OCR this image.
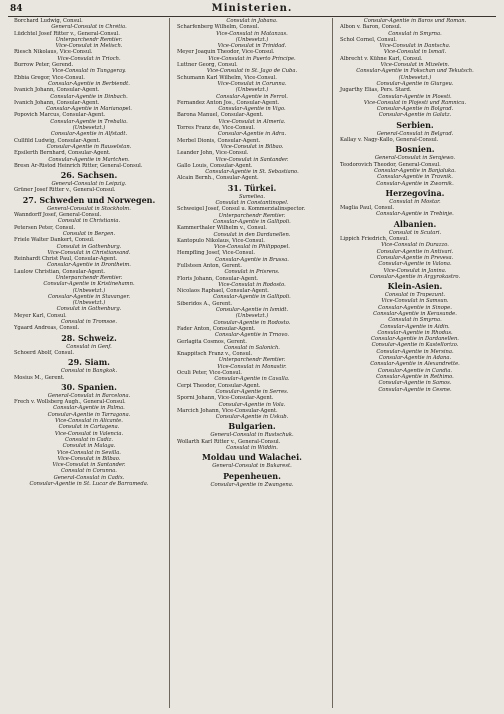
84	Ministerien.
Borchard Ludwig, Consul.
General-Consulat in Chrétia.
Lüdchtel Josef Ritter v., General-Consul.
Unterparchendr Remtier.
Vice-Consulat in Melisch.
Riesch Nikolaus, Vice-Consul.
Vice-Consulat in Trioch.
Burrow Peter, Gerend.
Vice-Consulat in Tunggeray.
Ebbia Gregor, Vice-Consul.
Consular-Agentie in Berbiendt.
Ivanich Johann, Consular-Agent.
Consular-Agentie in Dinbach.
Ivanich Johann, Consular-Agent.
Consular-Agentie in Marianopel.
Popovich Marcus, Consular-Agent.
Consular-Agentie in Trebalia.
(Unbesetzt.)
Consular-Agentie in Alfstadt.
Cullfild Ludwig, Consular-Agent.
Consular-Agentie in Rauselstan.
Epsilerth Bernhard, Consular-Agent.
Consular-Agentie in Martchen.
Bresn Ar-Ristod Heinrich Ritter, General-Consul.
26. Sachsen.
General-Consulat in Leipzig.
Grüner Josef Ritter v., General-Consul.
27. Schweden und Norwegen.
General-Consulat in Stockholm.
Wanndorff Josef, General-Consul.
Consulat in Christiania.
Petersen Peter, Consul.
Consulat in Bergen.
Friele Walter Dankert, Consul.
Consulat in Gothenburg.
Vice-Consulat in Christiansand.
Reinhardt Christ Paul, Consular-Agent.
Consular-Agentie in Drontheim.
Laulow Christian, Consular-Agent.
Unterparchendr Remtier.
Consular-Agentie in Kristinehamn.
(Unbesetzt.)
Consular-Agentie in Stavanger.
(Unbesetzt.)
Consulat in Gothenburg.
Meyer Karl, Consul.
Consulat in Tromsoe.
Ygaard Andreas, Consul.
28. Schweiz.
Consulat in Genf.
Schoerd Abolf, Consul.
29. Siam.
Consulat in Bangkok.
Mosius M., Gerent.
30. Spanien.
General-Consulat in Barcelona.
Frech v. Wollsberg Augh., General-Consul.
Consular-Agentie in Palma.
Consular-Agentie in Tarragona.
Vice-Consulat in Alicante.
Consulat in Cartagena.
Vice-Consulat in Valencia.
Consulat in Cadiz.
Consulat in Malaga.
Vice-Consulat in Sevilla.
Vice-Consulat in Bilbao.
Vice-Consulat in Santander.
Consulat in Corunna.
General-Consulat in Cadix.
Consular-Agentie in St. Lucar de Barrameda.
Consulat in Jabana.
Scharfenberg Wilhelm, Consul.
Vice-Consulat in Matanzas.
(Unbesetzt.)
Vice-Consulat in Trinidad.
Meyer Joaquin Theodor, Vice-Consul.
Vice-Consulat in Puerto Principe.
Luttner Georg, Consul.
Vice-Consulat in St. Jago de Cuba.
Schumann Karl Wilhelm, Vice-Consul.
Vice-Consulat in Corunna.
(Unbesetzt.)
Consular-Agentie in Ferrol.
Fernandez Anton Jos., Consular-Agent.
Consular-Agentie in Vigo.
Barona Manuel, Consular-Agent.
Vice-Consulat in Almeria.
Torres Franz de, Vice-Consul.
Consular-Agentie in Adra.
Merbel Dionis, Consular-Agent.
Vice-Consulat in Bilbao.
Leander John, Vice-Consul.
Vice-Consulat in Santander.
Gallo Louis, Consular-Agent.
Consular-Agentie in St. Sebastiano.
Alcain Bernh., Consular-Agent.
31. Türkei.
Sumeliea.
Consulat in Constantinopel.
Schweigel Josef, Consul u. Kommerzialinspector.
Unterparchendr Remtier.
Consular-Agentie in Gallipoli.
Kammerthaler Wilhelm v., Consul.
Consulat in den Dardanellen.
Kantopulo Nikolaus, Vice-Consul.
Vice-Consulat in Philippopel.
Hempfling Josef, Vice-Consul.
Consular-Agentie in Brussa.
Fullsteen Anton, Gerent.
Consulat in Prisrens.
Floris Johann, Consular-Agent.
Vice-Consulat in Rodosto.
Nicolaos Raphael, Consular-Agent.
Consular-Agentie in Gallipoli.
Siberidos A., Gerent.
Consular-Agentie in Ismidt.
(Unbesetzt.)
Consular-Agentie in Rodosto.
Fader Anton, Consular-Agent.
Consular-Agentie in Trnovo.
Gerlagita Cosmos, Gerent.
Consulat in Salonich.
Knappitsch Franz v., Consul.
Unterparchendr Remtier.
Vice-Consulat in Monastir.
Oculi Peter, Vice-Consul.
Consular-Agentie in Cavalla.
Cerpi Theodor, Consular-Agent.
Consular-Agentie in Serres.
Sporni Johann, Vice-Consular-Agent.
Consular-Agentie in Vola.
Marcich Johann, Vice-Consular-Agent.
Consular-Agentie in Uskub.
Bulgarien.
General-Consulat in Rustschuk.
Wollarth Karl Ritter v., General-Consul.
Consulat in Widdin.
Moldau und Walachei.
General-Consulat in Bukarest.
Pepenheuen.
Consular-Agentie in Zwangena.
Consular-Agentie in Baros und Roman.
Albon v. Baron, Consul.
Consulat in Smyrna.
Schol Cornel, Consul.
Vice-Consulat in Dantscha.
Vice-Consulat in Ismail.
Albrecht v. Kühne Karl, Consul.
Vice-Consulat in Mizelein.
Consular-Agentie in Fokschan und Tekutsch.
(Unbesetzt.)
Consular-Agentie in Giurgeu.
Jugarthy Elias, Pers. Stard.
Consular-Agentie in Ploesti.
Vice-Consulat in Plojesti und Ramnicu.
Consular-Agentie in Bolgrad.
Consular-Agentie in Galatz.
Serbien.
General-Consulat in Belgrad.
Kallay v. Nagy-Kallo, General-Consul.
Bosnien.
General-Consulat in Serajewo.
Teodorovich Theodor, General-Consul.
Consular-Agentie in Banjaluka.
Consular-Agentie in Travnik.
Consular-Agentie in Zwornik.
Herzegovina.
Consulat in Mostar.
Maglia Paul, Consul.
Consular-Agentie in Trebinje.
Albanien.
Consulat in Scutari.
Lippich Friedrich, Consul.
Vice-Consulat in Durazzo.
Consular-Agentie in Antivari.
Consular-Agentie in Prevesa.
Consular-Agentie in Valona.
Vice-Consulat in Janina.
Consular-Agentie in Argyrokastro.
Klein-Asien.
Consulat in Trapezunt.
Vice-Consulat in Samsun.
Consular-Agentie in Sinope.
Consular-Agentie in Kerasunde.
Consulat in Smyrna.
Consular-Agentie in Aidin.
Consular-Agentie in Rhodus.
Consular-Agentie in Dardanellen.
Consular-Agentie in Kastellorizo.
Consular-Agentie in Mersina.
Consular-Agentie in Adana.
Consular-Agentie in Alexandrette.
Consular-Agentie in Candia.
Consular-Agentie in Rethimo.
Consular-Agentie in Samos.
Consular-Agentie in Cesme.
